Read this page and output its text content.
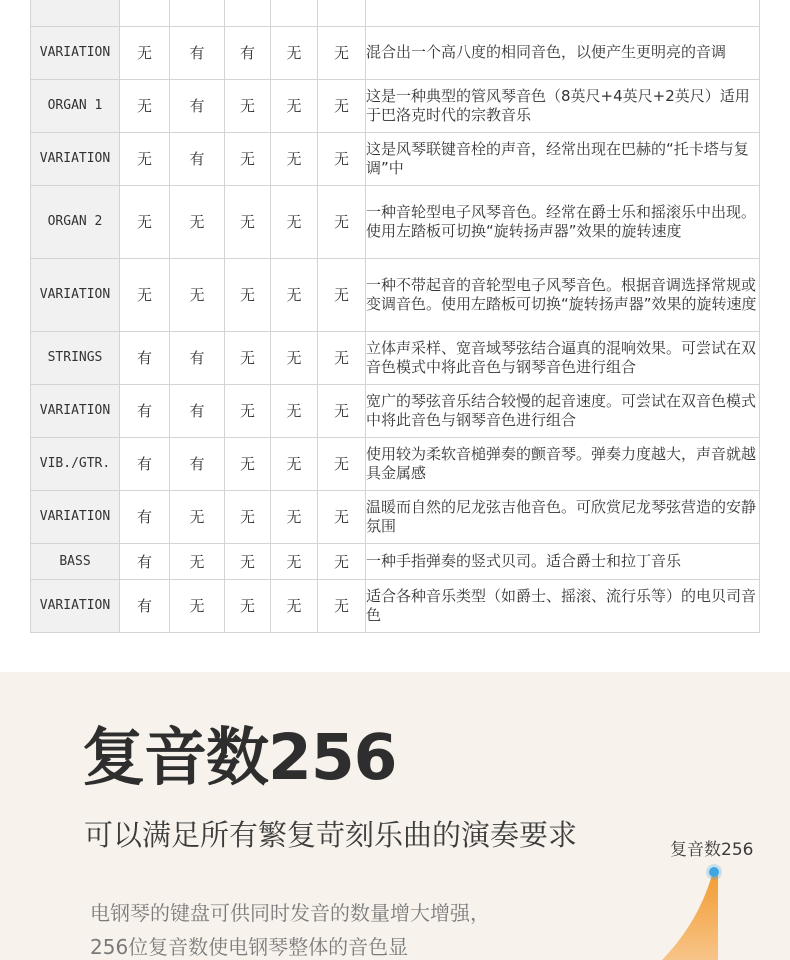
VARIATION	无	有	有	无	无	混合出一个高八度的相同音色，以便产生更明亮的音调
ORGAN 1	无	有	无	无	无	这是一种典型的管风琴音色（8英尺+4英尺+2英尺）适用于巴洛克时代的宗教音乐
VARIATION	无	有	无	无	无	这是风琴联键音栓的声音，经常出现在巴赫的“托卡塔与复调”中
ORGAN 2	无	无	无	无	无	一种音轮型电子风琴音色。经常在爵士乐和摇滚乐中出现。使用左踏板可切换“旋转扬声器”效果的旋转速度
VARIATION	无	无	无	无	无	一种不带起音的音轮型电子风琴音色。根据音调选择常规或变调音色。使用左踏板可切换“旋转扬声器”效果的旋转速度
STRINGS	有	有	无	无	无	立体声采样、宽音域琴弦结合逼真的混响效果。可尝试在双音色模式中将此音色与钢琴音色进行组合
VARIATION	有	有	无	无	无	宽广的琴弦音乐结合较慢的起音速度。可尝试在双音色模式中将此音色与钢琴音色进行组合
VIB./GTR.	有	有	无	无	无	使用较为柔软音槌弹奏的颤音琴。弹奏力度越大，声音就越具金属感
VARIATION	有	无	无	无	无	温暖而自然的尼龙弦吉他音色。可欣赏尼龙琴弦营造的安静氛围
BASS	有	无	无	无	无	一种手指弹奏的竖式贝司。适合爵士和拉丁音乐
VARIATION	有	无	无	无	无	适合各种音乐类型（如爵士、摇滚、流行乐等）的电贝司音色
复音数256
可以满足所有繁复苛刻乐曲的演奏要求
电钢琴的键盘可供同时发音的数量增大增强，
256位复音数使电钢琴整体的音色显
复音数256
